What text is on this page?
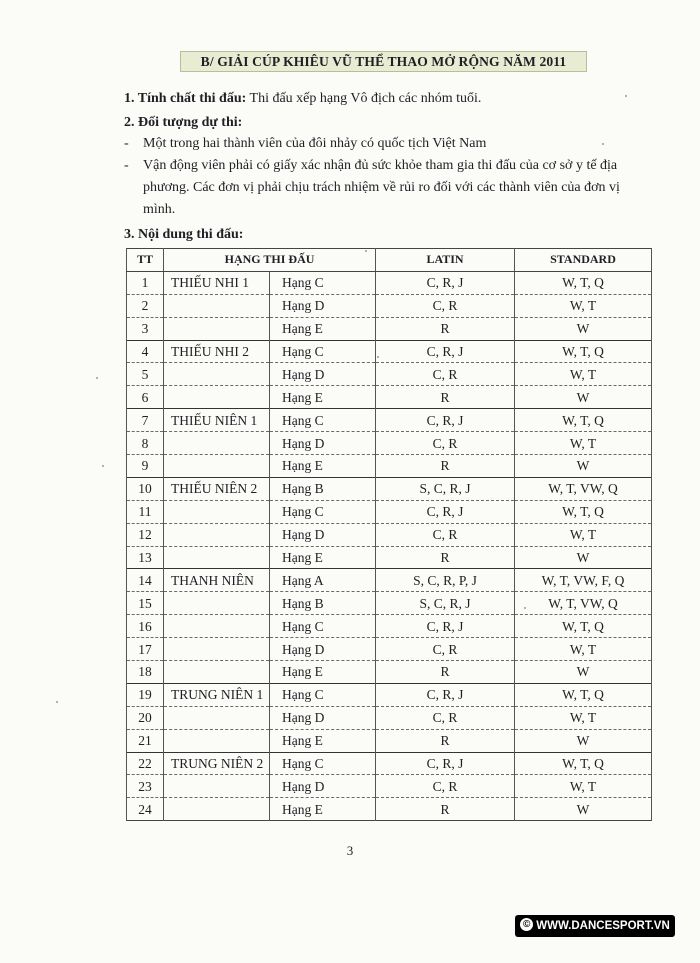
B/ GIẢI CÚP KHIÊU VŨ THỂ THAO MỞ RỘNG NĂM 2011
1. Tính chất thi đấu: Thi đấu xếp hạng Vô địch các nhóm tuổi.
2. Đối tượng dự thi:
- Một trong hai thành viên của đôi nhảy có quốc tịch Việt Nam
- Vận động viên phải có giấy xác nhận đủ sức khỏe tham gia thi đấu của cơ sở y tế địa phương. Các đơn vị phải chịu trách nhiệm về rủi ro đối với các thành viên của đơn vị mình.
3. Nội dung thi đấu:
TT	HẠNG THI ĐẤU		LATIN	STANDARD
1	THIẾU NHI 1	Hạng C	C, R, J	W, T, Q
2		Hạng D	C, R	W, T
3		Hạng E	R	W
4	THIẾU NHI 2	Hạng C	C, R, J	W, T, Q
5		Hạng D	C, R	W, T
6		Hạng E	R	W
7	THIẾU NIÊN 1	Hạng C	C, R, J	W, T, Q
8		Hạng D	C, R	W, T
9		Hạng E	R	W
10	THIẾU NIÊN 2	Hạng B	S, C, R, J	W, T, VW, Q
11		Hạng C	C, R, J	W, T, Q
12		Hạng D	C, R	W, T
13		Hạng E	R	W
14	THANH NIÊN	Hạng A	S, C, R, P, J	W, T, VW, F, Q
15		Hạng B	S, C, R, J	W, T, VW, Q
16		Hạng C	C, R, J	W, T, Q
17		Hạng D	C, R	W, T
18		Hạng E	R	W
19	TRUNG NIÊN 1	Hạng C	C, R, J	W, T, Q
20		Hạng D	C, R	W, T
21		Hạng E	R	W
22	TRUNG NIÊN 2	Hạng C	C, R, J	W, T, Q
23		Hạng D	C, R	W, T
24		Hạng E	R	W
3
© WWW.DANCESPORT.VN
